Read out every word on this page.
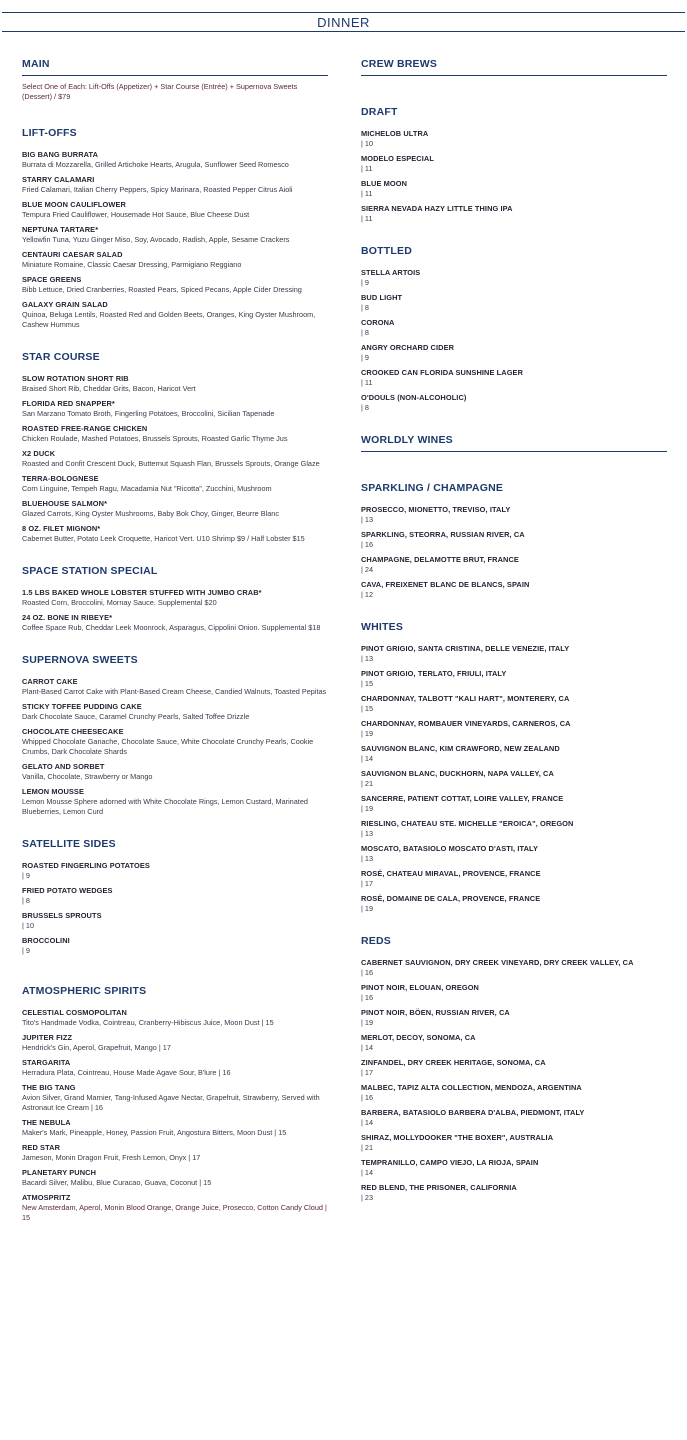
DINNER
MAIN
Select One of Each: Lift-Offs (Appetizer) + Star Course (Entrée) + Supernova Sweets (Dessert) / $79
LIFT-OFFS
BIG BANG BURRATA
Burrata di Mozzarella, Grilled Artichoke Hearts, Arugula, Sunflower Seed Romesco
STARRY CALAMARI
Fried Calamari, Italian Cherry Peppers, Spicy Marinara, Roasted Pepper Citrus Aioli
BLUE MOON CAULIFLOWER
Tempura Fried Cauliflower, Housemade Hot Sauce, Blue Cheese Dust
NEPTUNA TARTARE*
Yellowfin Tuna, Yuzu Ginger Miso, Soy, Avocado, Radish, Apple, Sesame Crackers
CENTAURI CAESAR SALAD
Miniature Romaine, Classic Caesar Dressing, Parmigiano Reggiano
SPACE GREENS
Bibb Lettuce, Dried Cranberries, Roasted Pears, Spiced Pecans, Apple Cider Dressing
GALAXY GRAIN SALAD
Quinoa, Beluga Lentils, Roasted Red and Golden Beets, Oranges, King Oyster Mushroom, Cashew Hummus
STAR COURSE
SLOW ROTATION SHORT RIB
Braised Short Rib, Cheddar Grits, Bacon, Haricot Vert
FLORIDA RED SNAPPER*
San Marzano Tomato Broth, Fingerling Potatoes, Broccolini, Sicilian Tapenade
ROASTED FREE-RANGE CHICKEN
Chicken Roulade, Mashed Potatoes, Brussels Sprouts, Roasted Garlic Thyme Jus
X2 DUCK
Roasted and Confit Crescent Duck, Butternut Squash Flan, Brussels Sprouts, Orange Glaze
TERRA-BOLOGNESE
Corn Linguine, Tempeh Ragu, Macadamia Nut "Ricotta", Zucchini, Mushroom
BLUEHOUSE SALMON*
Glazed Carrots, King Oyster Mushrooms, Baby Bok Choy, Ginger, Beurre Blanc
8 OZ. FILET MIGNON*
Cabernet Butter, Potato Leek Croquette, Haricot Vert. U10 Shrimp $9 / Half Lobster $15
SPACE STATION SPECIAL
1.5 LBS BAKED WHOLE LOBSTER STUFFED WITH JUMBO CRAB*
Roasted Corn, Broccolini, Mornay Sauce. Supplemental $20
24 OZ. BONE IN RIBEYE*
Coffee Space Rub, Cheddar Leek Moonrock, Asparagus, Cippolini Onion. Supplemental $18
SUPERNOVA SWEETS
CARROT CAKE
Plant-Based Carrot Cake with Plant-Based Cream Cheese, Candied Walnuts, Toasted Pepitas
STICKY TOFFEE PUDDING CAKE
Dark Chocolate Sauce, Caramel Crunchy Pearls, Salted Toffee Drizzle
CHOCOLATE CHEESECAKE
Whipped Chocolate Ganache, Chocolate Sauce, White Chocolate Crunchy Pearls, Cookie Crumbs, Dark Chocolate Shards
GELATO AND SORBET
Vanilla, Chocolate, Strawberry or Mango
LEMON MOUSSE
Lemon Mousse Sphere adorned with White Chocolate Rings, Lemon Custard, Marinated Blueberries, Lemon Curd
SATELLITE SIDES
ROASTED FINGERLING POTATOES
| 9
FRIED POTATO WEDGES
| 8
BRUSSELS SPROUTS
| 10
BROCCOLINI
| 9
ATMOSPHERIC SPIRITS
CELESTIAL COSMOPOLITAN
Tito's Handmade Vodka, Cointreau, Cranberry-Hibiscus Juice, Moon Dust | 15
JUPITER FIZZ
Hendrick's Gin, Aperol, Grapefruit, Mango | 17
STARGARITA
Herradura Plata, Cointreau, House Made Agave Sour, B'lure | 16
THE BIG TANG
Avion Silver, Grand Marnier, Tang-Infused Agave Nectar, Grapefruit, Strawberry, Served with Astronaut Ice Cream | 16
THE NEBULA
Maker's Mark, Pineapple, Honey, Passion Fruit, Angostura Bitters, Moon Dust | 15
RED STAR
Jameson, Monin Dragon Fruit, Fresh Lemon, Onyx | 17
PLANETARY PUNCH
Bacardi Silver, Malibu, Blue Curacao, Guava, Coconut | 15
ATMOSPRITZ
New Amsterdam, Aperol, Monin Blood Orange, Orange Juice, Prosecco, Cotton Candy Cloud | 15
CREW BREWS
DRAFT
MICHELOB ULTRA
| 10
MODELO ESPECIAL
| 11
BLUE MOON
| 11
SIERRA NEVADA HAZY LITTLE THING IPA
| 11
BOTTLED
STELLA ARTOIS
| 9
BUD LIGHT
| 8
CORONA
| 8
ANGRY ORCHARD CIDER
| 9
CROOKED CAN FLORIDA SUNSHINE LAGER
| 11
O'DOULS (NON-ALCOHOLIC)
| 8
WORLDLY WINES
SPARKLING / CHAMPAGNE
PROSECCO, MIONETTO, TREVISO, ITALY
| 13
SPARKLING, STEORRA, RUSSIAN RIVER, CA
| 16
CHAMPAGNE, DELAMOTTE BRUT, FRANCE
| 24
CAVA, FREIXENET BLANC DE BLANCS, SPAIN
| 12
WHITES
PINOT GRIGIO, SANTA CRISTINA, DELLE VENEZIE, ITALY
| 13
PINOT GRIGIO, TERLATO, FRIULI, ITALY
| 15
CHARDONNAY, TALBOTT "KALI HART", MONTERERY, CA
| 15
CHARDONNAY, ROMBAUER VINEYARDS, CARNEROS, CA
| 19
SAUVIGNON BLANC, KIM CRAWFORD, NEW ZEALAND
| 14
SAUVIGNON BLANC, DUCKHORN, NAPA VALLEY, CA
| 21
SANCERRE, PATIENT COTTAT, LOIRE VALLEY, FRANCE
| 19
RIESLING, CHATEAU STE. MICHELLE "EROICA", OREGON
| 13
MOSCATO, BATASIOLO MOSCATO D'ASTI, ITALY
| 13
ROSÉ, CHATEAU MIRAVAL, PROVENCE, FRANCE
| 17
ROSÉ, DOMAINE DE CALA, PROVENCE, FRANCE
| 19
REDS
CABERNET SAUVIGNON, DRY CREEK VINEYARD, DRY CREEK VALLEY, CA
| 16
PINOT NOIR, ELOUAN, OREGON
| 16
PINOT NOIR, BÖEN, RUSSIAN RIVER, CA
| 19
MERLOT, DECOY, SONOMA, CA
| 14
ZINFANDEL, DRY CREEK HERITAGE, SONOMA, CA
| 17
MALBEC, TAPIZ ALTA COLLECTION, MENDOZA, ARGENTINA
| 16
BARBERA, BATASIOLO BARBERA D'ALBA, PIEDMONT, ITALY
| 14
SHIRAZ, MOLLYDOOKER "THE BOXER", AUSTRALIA
| 21
TEMPRANILLO, CAMPO VIEJO, LA RIOJA, SPAIN
| 14
RED BLEND, THE PRISONER, CALIFORNIA
| 23
